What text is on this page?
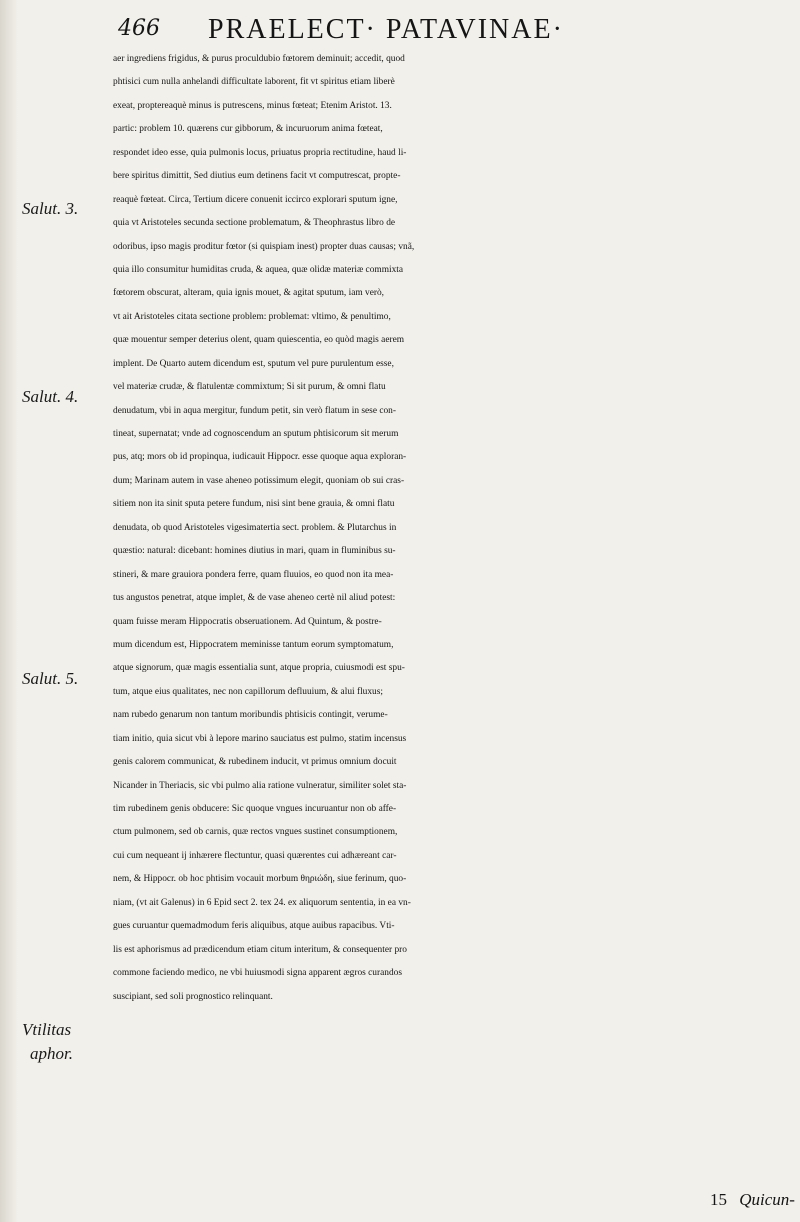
466 PRAELECT· PATAVINAE·
Salut. 3.
Salut. 4.
Salut. 5.
Vtilitas
aphor.
aer ingrediens frigidus, & purus proculdubio fœtorem deminuit; accedit, quod
phtisici cum nulla anhelandi difficultate laborent, fit vt spiritus etiam liberè
exeat, proptereaquè minus is putrescens, minus fœteat; Etenim Aristot. 13.
partic: problem 10. quærens cur gibborum, & incuruorum anima fœteat,
respondet ideo esse, quia pulmonis locus, priuatus propria rectitudine, haud li-
bere spiritus dimittit, Sed diutius eum detinens facit vt computrescat, propte-
reaquè fœteat. Circa, Tertium dicere conuenit iccirco explorari sputum igne,
quia vt Aristoteles secunda sectione problematum, & Theophrastus libro de
odoribus, ipso magis proditur fœtor (si quispiam inest) propter duas causas; vnã,
quia illo consumitur humiditas cruda, & aquea, quæ olidæ materiæ commixta
fœtorem obscurat, alteram, quia ignis mouet, & agitat sputum, iam verò,
vt ait Aristoteles citata sectione problem: problemat: vltimo, & penultimo,
quæ mouentur semper deterius olent, quam quiescentia, eo quòd magis aerem
implent. De Quarto autem dicendum est, sputum vel pure purulentum esse,
vel materiæ crudæ, & flatulentæ commixtum; Si sit purum, & omni flatu
denudatum, vbi in aqua mergitur, fundum petit, sin verò flatum in sese con-
tineat, supernatat; vnde ad cognoscendum an sputum phtisicorum sit merum
pus, atq; mors ob id propinqua, iudicauit Hippocr. esse quoque aqua exploran-
dum; Marinam autem in vase aheneo potissimum elegit, quoniam ob sui cras-
sitiem non ita sinit sputa petere fundum, nisi sint bene grauia, & omni flatu
denudata, ob quod Aristoteles vigesimatertia sect. problem. & Plutarchus in
quæstio: natural: dicebant: homines diutius in mari, quam in fluminibus su-
stineri, & mare grauiora pondera ferre, quam fluuios, eo quod non ita mea-
tus angustos penetrat, atque implet, & de vase aheneo certè nil aliud potest:
quam fuisse meram Hippocratis obseruationem. Ad Quintum, & postre-
mum dicendum est, Hippocratem meminisse tantum eorum symptomatum,
atque signorum, quæ magis essentialia sunt, atque propria, cuiusmodi est spu-
tum, atque eius qualitates, nec non capillorum defluuium, & alui fluxus;
nam rubedo genarum non tantum moribundis phtisicis contingit, verume-
tiam initio, quia sicut vbi à lepore marino sauciatus est pulmo, statim incensus
genis calorem communicat, & rubedinem inducit, vt primus omnium docuit
Nicander in Theriacis, sic vbi pulmo alia ratione vulneratur, similiter solet sta-
tim rubedinem genis obducere: Sic quoque vngues incuruantur non ob affe-
ctum pulmonem, sed ob carnis, quæ rectos vngues sustinet consumptionem,
cui cum nequeant ij inhærere flectuntur, quasi quærentes cui adhæreant car-
nem, & Hippocr. ob hoc phtisim vocauit morbum θηριώδη, siue ferinum, quo-
niam, (vt ait Galenus) in 6 Epid sect 2. tex 24. ex aliquorum sententia, in ea vn-
gues curuantur quemadmodum feris aliquibus, atque auibus rapacibus. Vti-
lis est aphorismus ad prædicendum etiam citum interitum, & consequenter pro
commone faciendo medico, ne vbi huiusmodi signa apparent ægros curandos
suscipiant, sed soli prognostico relinquant.
15 Quicun-
